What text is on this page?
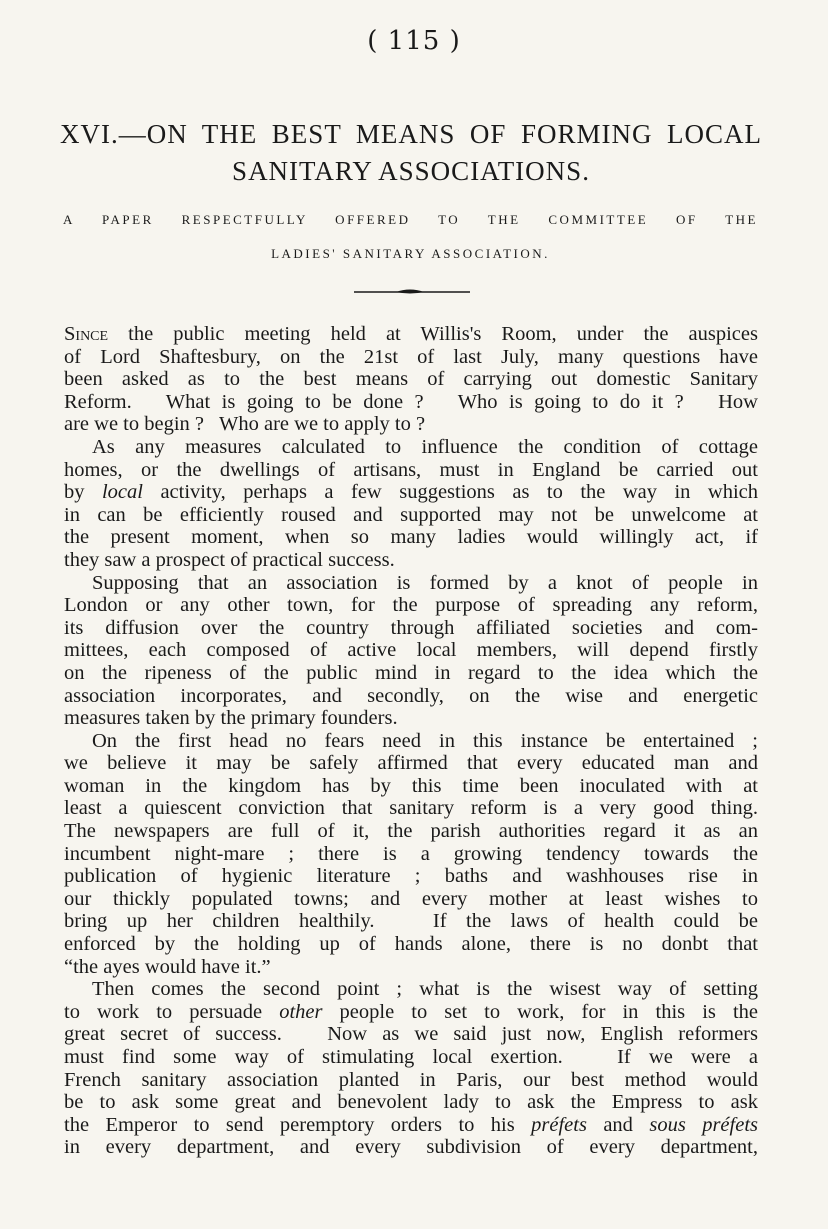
( 115 )
XVI.—ON THE BEST MEANS OF FORMING LOCAL
SANITARY ASSOCIATIONS.
A PAPER RESPECTFULLY OFFERED TO THE COMMITTEE OF THE
LADIES' SANITARY ASSOCIATION.
Since the public meeting held at Willis's Room, under the auspices
of Lord Shaftesbury, on the 21st of last July, many questions have
been asked as to the best means of carrying out domestic Sanitary
Reform.   What is going to be done ?   Who is going to do it ?   How
are we to begin ?   Who are we to apply to ?
As any measures calculated to influence the condition of cottage
homes, or the dwellings of artisans, must in England be carried out
by local activity, perhaps a few suggestions as to the way in which
in can be efficiently roused and supported may not be unwelcome at
the present moment, when so many ladies would willingly act, if
they saw a prospect of practical success.
Supposing that an association is formed by a knot of people in
London or any other town, for the purpose of spreading any reform,
its diffusion over the country through affiliated societies and com-
mittees, each composed of active local members, will depend firstly
on the ripeness of the public mind in regard to the idea which the
association incorporates, and secondly, on the wise and energetic
measures taken by the primary founders.
On the first head no fears need in this instance be entertained ;
we believe it may be safely affirmed that every educated man and
woman in the kingdom has by this time been inoculated with at
least a quiescent conviction that sanitary reform is a very good thing.
The newspapers are full of it, the parish authorities regard it as an
incumbent night-mare ; there is a growing tendency towards the
publication of hygienic literature ; baths and washhouses rise in
our thickly populated towns; and every mother at least wishes to
bring up her children healthily.   If the laws of health could be
enforced by the holding up of hands alone, there is no donbt that
“the ayes would have it.”
Then comes the second point ; what is the wisest way of setting
to work to persuade other people to set to work, for in this is the
great secret of success.   Now as we said just now, English reformers
must find some way of stimulating local exertion.   If we were a
French sanitary association planted in Paris, our best method would
be to ask some great and benevolent lady to ask the Empress to ask
the Emperor to send peremptory orders to his préfets and sous préfets
in every department, and every subdivision of every department,
